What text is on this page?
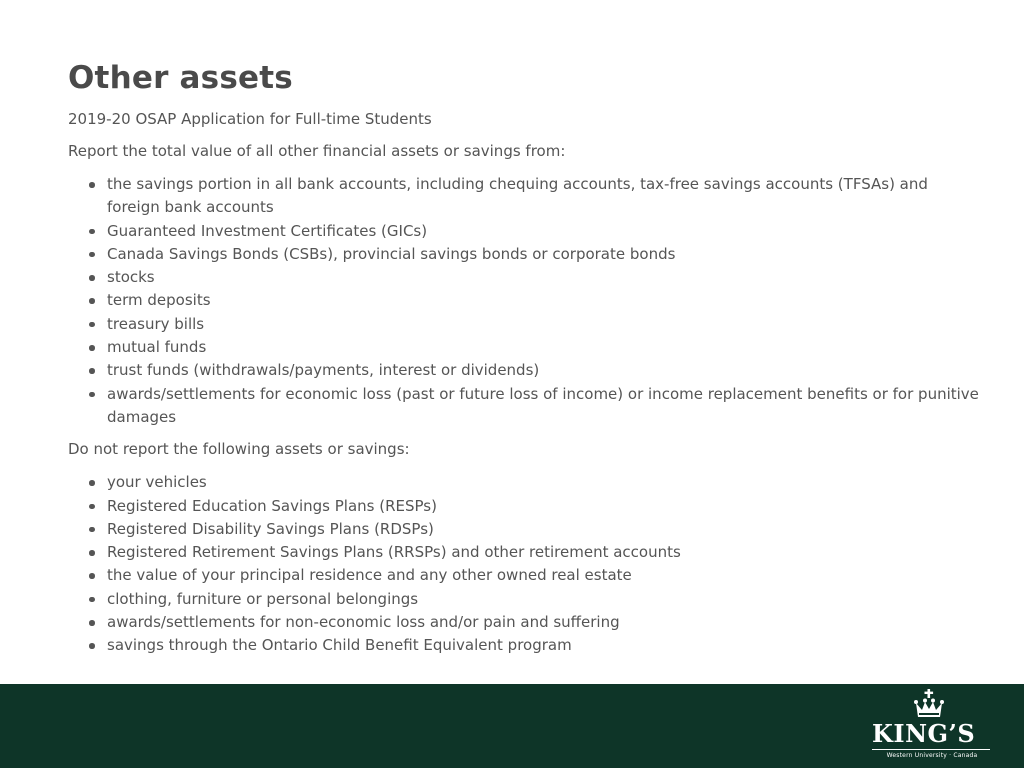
Other assets

2019-20 OSAP Application for Full-time Students

Report the total value of all other financial assets or savings from:

the savings portion in all bank accounts, including chequing accounts, tax-free savings accounts (TFSAs) and foreign bank accounts
Guaranteed Investment Certificates (GICs)
Canada Savings Bonds (CSBs), provincial savings bonds or corporate bonds
stocks
term deposits
treasury bills
mutual funds
trust funds (withdrawals/payments, interest or dividends)
awards/settlements for economic loss (past or future loss of income) or income replacement benefits or for punitive damages

Do not report the following assets or savings:

your vehicles
Registered Education Savings Plans (RESPs)
Registered Disability Savings Plans (RDSPs)
Registered Retirement Savings Plans (RRSPs) and other retirement accounts
the value of your principal residence and any other owned real estate
clothing, furniture or personal belongings
awards/settlements for non-economic loss and/or pain and suffering
savings through the Ontario Child Benefit Equivalent program
KING’S
Western University · Canada
